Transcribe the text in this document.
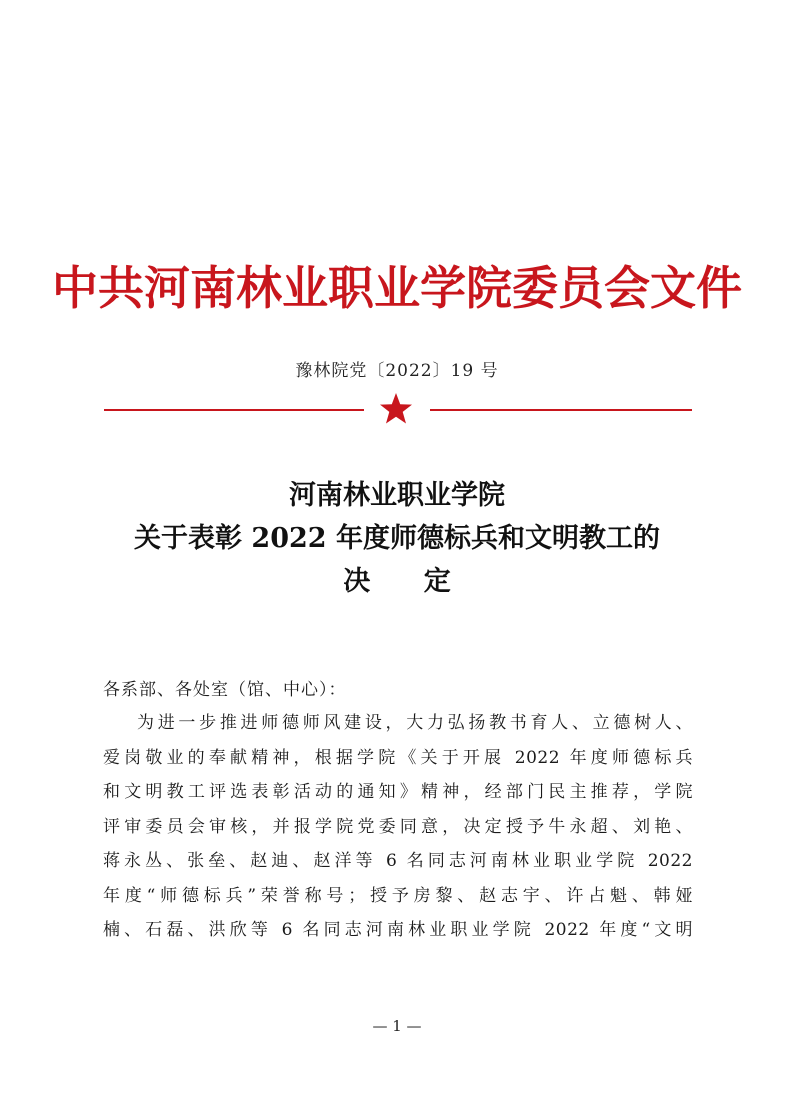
中共河南林业职业学院委员会文件
豫林院党〔2022〕19 号
河南林业职业学院
关于表彰 2022 年度师德标兵和文明教工的
决 定
各系部、各处室（馆、中心）：
为进一步推进师德师风建设，大力弘扬教书育人、立德树人、
爱岗敬业的奉献精神，根据学院《关于开展 2022 年度师德标兵
和文明教工评选表彰活动的通知》精神，经部门民主推荐，学院
评审委员会审核，并报学院党委同意，决定授予牛永超、刘艳、
蒋永丛、张垒、赵迪、赵洋等 6 名同志河南林业职业学院 2022
年度“师德标兵”荣誉称号；授予房黎、赵志宇、许占魁、韩娅
楠、石磊、洪欣等 6 名同志河南林业职业学院 2022 年度“文明
— 1 —
